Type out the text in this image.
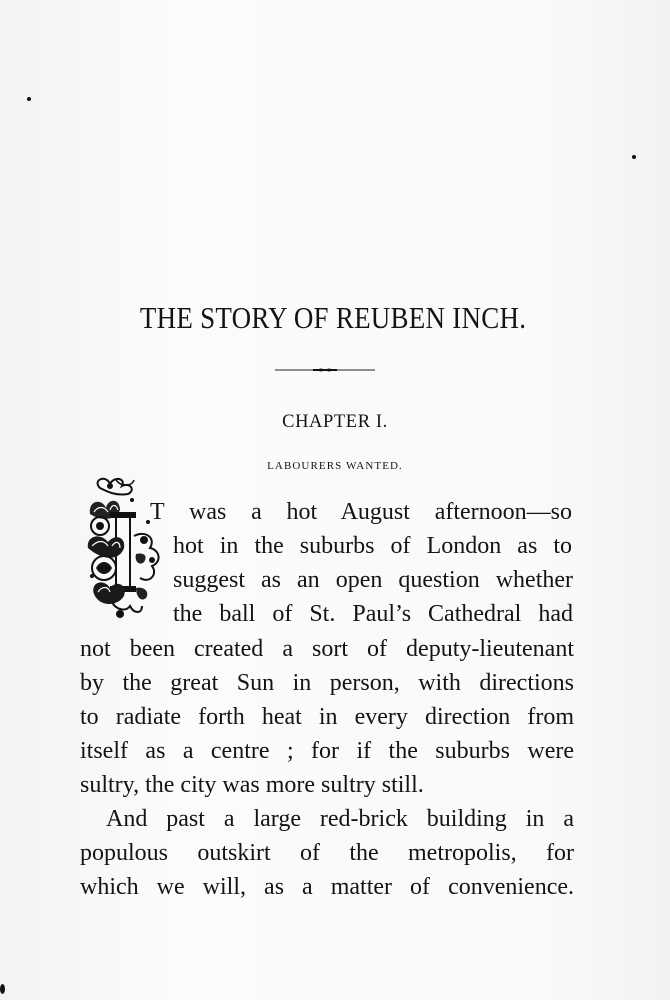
THE STORY OF REUBEN INCH.
CHAPTER I.
LABOURERS WANTED.
T was a hot August afternoon—so
hot in the suburbs of London as to
suggest as an open question whether
the ball of St. Paul’s Cathedral had
not been created a sort of deputy-lieutenant
by the great Sun in person, with directions
to radiate forth heat in every direction from
itself as a centre ; for if the suburbs were
sultry, the city was more sultry still.
And past a large red-brick building in a
populous outskirt of the metropolis, for
which we will, as a matter of convenience.
